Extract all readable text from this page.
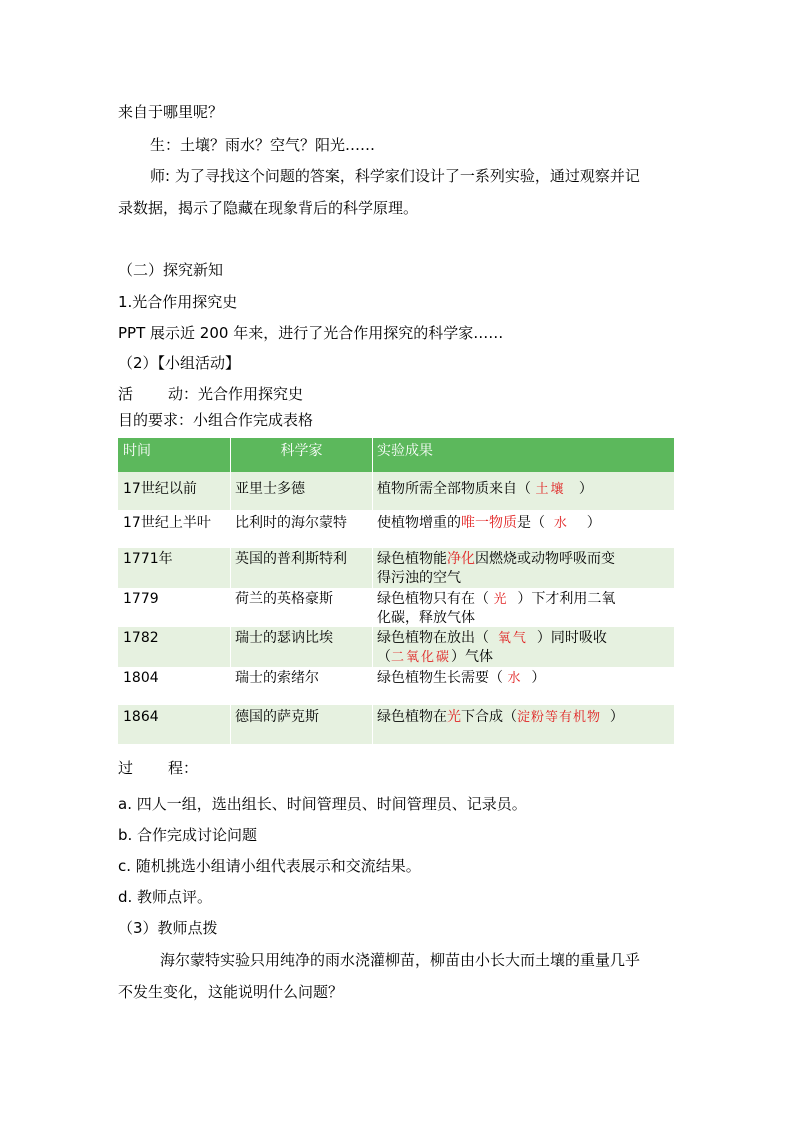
来自于哪里呢？
生：土壤？雨水？空气？阳光……
师: 为了寻找这个问题的答案，科学家们设计了一系列实验，通过观察并记
录数据，揭示了隐藏在现象背后的科学原理。
（二）探究新知
1.光合作用探究史
PPT 展示近 200 年来，进行了光合作用探究的科学家……
（2）【小组活动】
活 动：光合作用探究史
目的要求：小组合作完成表格
时间	科学家	实验成果
17世纪以前	亚里士多德	植物所需全部物质来自（ 土壤 ）
17世纪上半叶	比利时的海尔蒙特	使植物增重的唯一物质是（ 水 ）
1771年	英国的普利斯特利	绿色植物能净化因燃烧或动物呼吸而变
得污浊的空气
1779	荷兰的英格豪斯	绿色植物只有在（ 光 ）下才利用二氧
化碳，释放气体
1782	瑞士的瑟讷比埃	绿色植物在放出（ 氧气 ）同时吸收
（二氧化碳）气体
1804	瑞士的索绪尔	绿色植物生长需要（ 水 ）
1864	德国的萨克斯	绿色植物在光下合成（淀粉等有机物 ）
过 程：
a. 四人一组，选出组长、时间管理员、时间管理员、记录员。
b. 合作完成讨论问题
c. 随机挑选小组请小组代表展示和交流结果。
d. 教师点评。
（3）教师点拨
海尔蒙特实验只用纯净的雨水浇灌柳苗，柳苗由小长大而土壤的重量几乎
不发生变化，这能说明什么问题？
